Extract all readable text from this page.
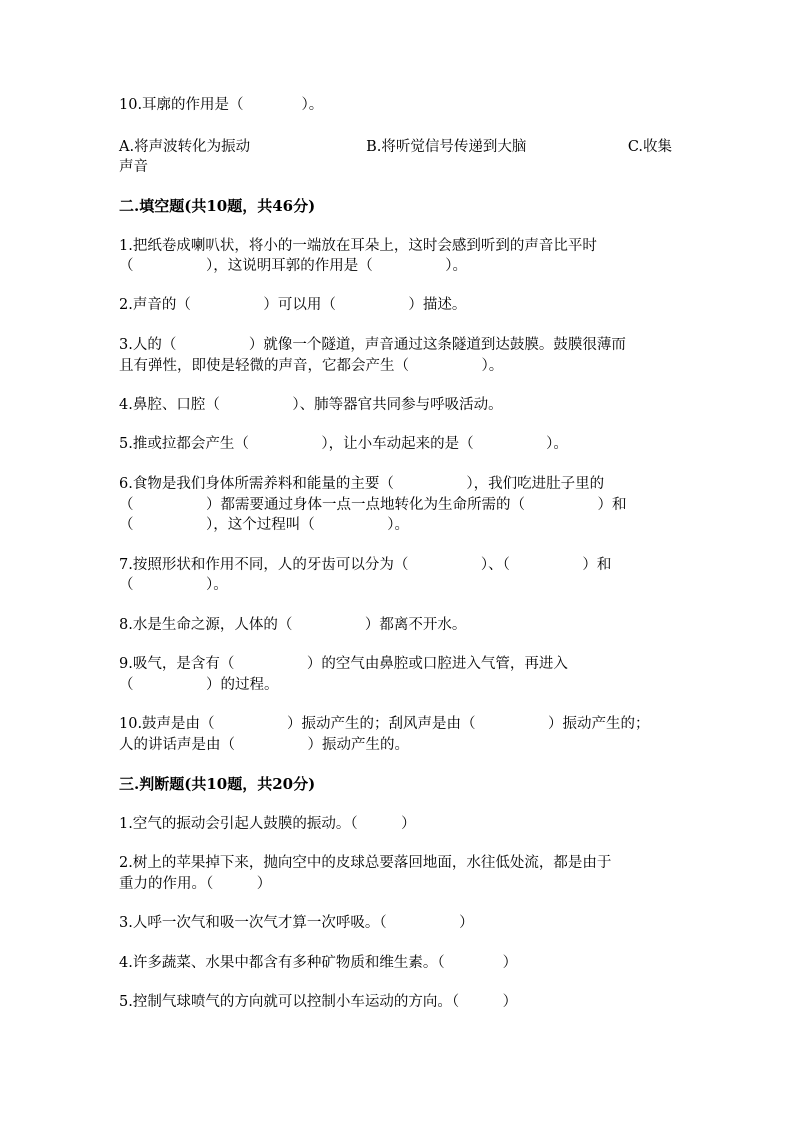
10.耳廓的作用是（　　　　）。
A.将声波转化为振动　　　　　　　　B.将听觉信号传递到大脑　　　　　　　C.收集
声音
二.填空题(共10题，共46分)
1.把纸卷成喇叭状，将小的一端放在耳朵上，这时会感到听到的声音比平时
（　　　　　），这说明耳郭的作用是（　　　　　）。
2.声音的（　　　　　）可以用（　　　　　）描述。
3.人的（　　　　　）就像一个隧道，声音通过这条隧道到达鼓膜。鼓膜很薄而
且有弹性，即使是轻微的声音，它都会产生（　　　　　）。
4.鼻腔、口腔（　　　　　）、肺等器官共同参与呼吸活动。
5.推或拉都会产生（　　　　　），让小车动起来的是（　　　　　）。
6.食物是我们身体所需养料和能量的主要（　　　　　），我们吃进肚子里的
（　　　　　）都需要通过身体一点一点地转化为生命所需的（　　　　　）和
（　　　　　），这个过程叫（　　　　　）。
7.按照形状和作用不同，人的牙齿可以分为（　　　　　）、（　　　　　）和
（　　　　　）。
8.水是生命之源，人体的（　　　　　）都离不开水。
9.吸气，是含有（　　　　　）的空气由鼻腔或口腔进入气管，再进入
（　　　　　）的过程。
10.鼓声是由（　　　　　）振动产生的；刮风声是由（　　　　　）振动产生的；
人的讲话声是由（　　　　　）振动产生的。
三.判断题(共10题，共20分)
1.空气的振动会引起人鼓膜的振动。（　　　）
2.树上的苹果掉下来，抛向空中的皮球总要落回地面，水往低处流，都是由于
重力的作用。（　　　）
3.人呼一次气和吸一次气才算一次呼吸。（　　　　　）
4.许多蔬菜、水果中都含有多种矿物质和维生素。（　　　　）
5.控制气球喷气的方向就可以控制小车运动的方向。（　　　）
